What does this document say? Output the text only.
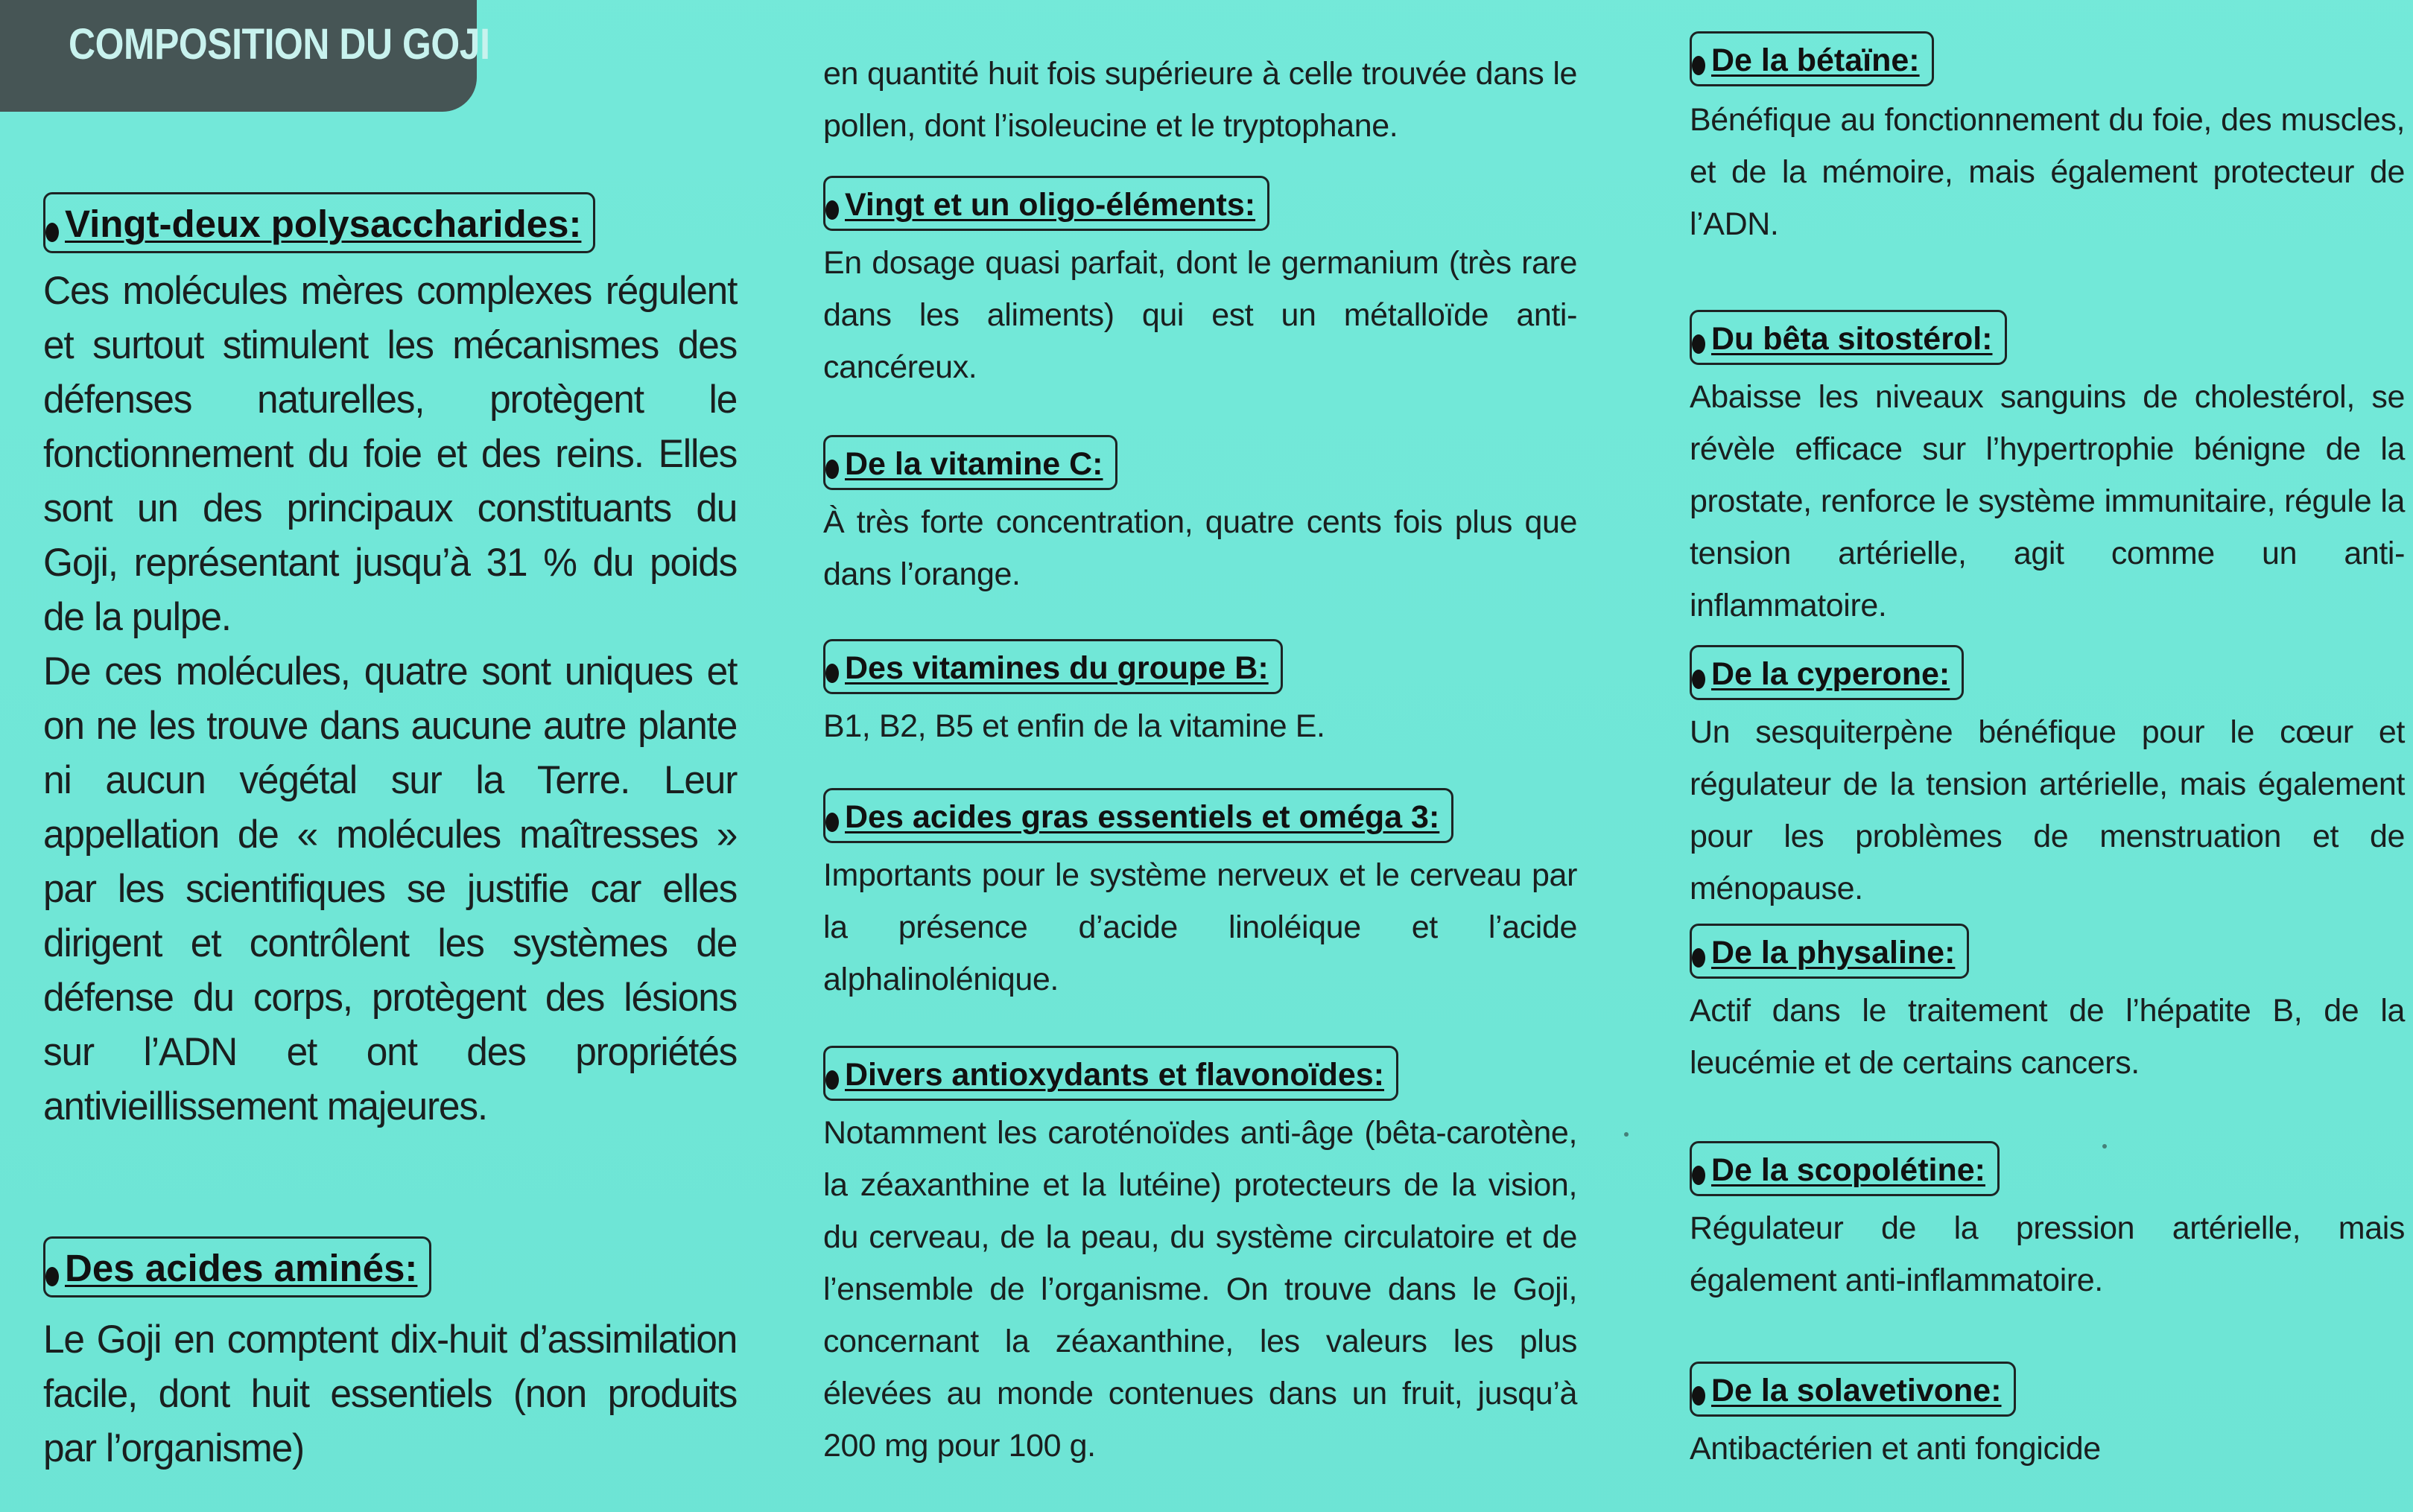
COMPOSITION DU GOJI
Vingt-deux polysaccharides:

Ces molécules mères complexes régulent et surtout stimulent les mécanismes des défenses naturelles, protègent le fonctionnement du foie et des reins. Elles sont un des principaux constituants du Goji, représentant jusqu’à 31 % du poids de la pulpe.
De ces molécules, quatre sont uniques et on ne les trouve dans aucune autre plante ni aucun végétal sur la Terre. Leur appellation de « molécules maîtresses » par les scientifiques se justifie car elles dirigent et contrôlent les systèmes de défense du corps, protègent des lésions sur l’ADN et ont des propriétés antivieillissement majeures.

Des acides aminés:

Le Goji en comptent dix-huit d’assimilation facile, dont huit essentiels (non produits par l’organisme)

en quantité huit fois supérieure à celle trouvée dans le pollen, dont l’isoleucine et le tryptophane.

Vingt et un oligo-éléments:

En dosage quasi parfait, dont le germanium (très rare dans les aliments) qui est un métalloïde anti-cancéreux.

De la vitamine C:

À très forte concentration, quatre cents fois plus que dans l’orange.

Des vitamines du groupe B:

B1, B2, B5 et enfin de la vitamine E.

Des acides gras essentiels et oméga 3:

Importants pour le système nerveux et le cerveau par la présence d’acide linoléique et l’acide alphalinolénique.

Divers antioxydants et flavonoïdes:

Notamment les caroténoïdes anti-âge (bêta-carotène, la zéaxanthine et la lutéine) protecteurs de la vision, du cerveau, de la peau, du système circulatoire et de l’ensemble de l’organisme. On trouve dans le Goji, concernant la zéaxanthine, les valeurs les plus élevées au monde contenues dans un fruit, jusqu’à 200 mg pour 100 g.

De la bétaïne:

Bénéfique au fonctionnement du foie, des muscles, et de la mémoire, mais également protecteur de l’ADN.

Du bêta sitostérol:

Abaisse les niveaux sanguins de cholestérol, se révèle efficace sur l’hypertrophie bénigne de la prostate, renforce le système immunitaire, régule la tension artérielle, agit comme un anti-inflammatoire.

De la cyperone:

Un sesquiterpène bénéfique pour le cœur et régulateur de la tension artérielle, mais également pour les problèmes de menstruation et de ménopause.

De la physaline:

Actif dans le traitement de l’hépatite B, de la leucémie et de certains cancers.

De la scopolétine:

Régulateur de la pression artérielle, mais également anti-inflammatoire.

De la solavetivone:

Antibactérien et anti fongicide
